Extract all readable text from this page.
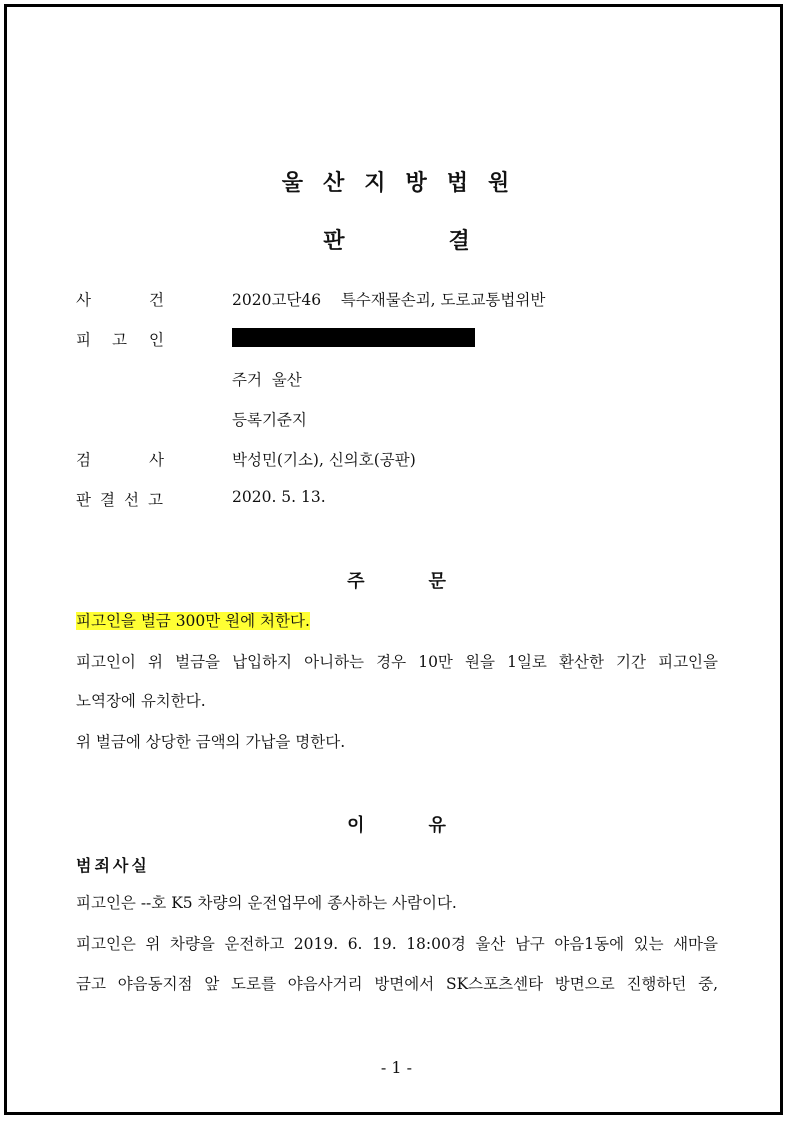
울 산 지 방 법 원
판	결
사	건	2020고단46    특수재물손괴, 도로교통법위반
피	고	인
주거  울산
등록기준지
검	사	박성민(기소), 신의호(공판)
판 결 선 고	2020. 5. 13.
주	문
피고인을 벌금 300만 원에 처한다.
피고인이 위 벌금을 납입하지 아니하는 경우 10만 원을 1일로 환산한 기간 피고인을
노역장에 유치한다.
위 벌금에 상당한 금액의 가납을 명한다.
이	유
범죄사실
피고인은 --호 K5 차량의 운전업무에 종사하는 사람이다.
피고인은 위 차량을 운전하고 2019. 6. 19. 18:00경 울산 남구 야음1동에 있는 새마을
금고 야음동지점 앞 도로를 야음사거리 방면에서 SK스포츠센타 방면으로 진행하던 중,
- 1 -
